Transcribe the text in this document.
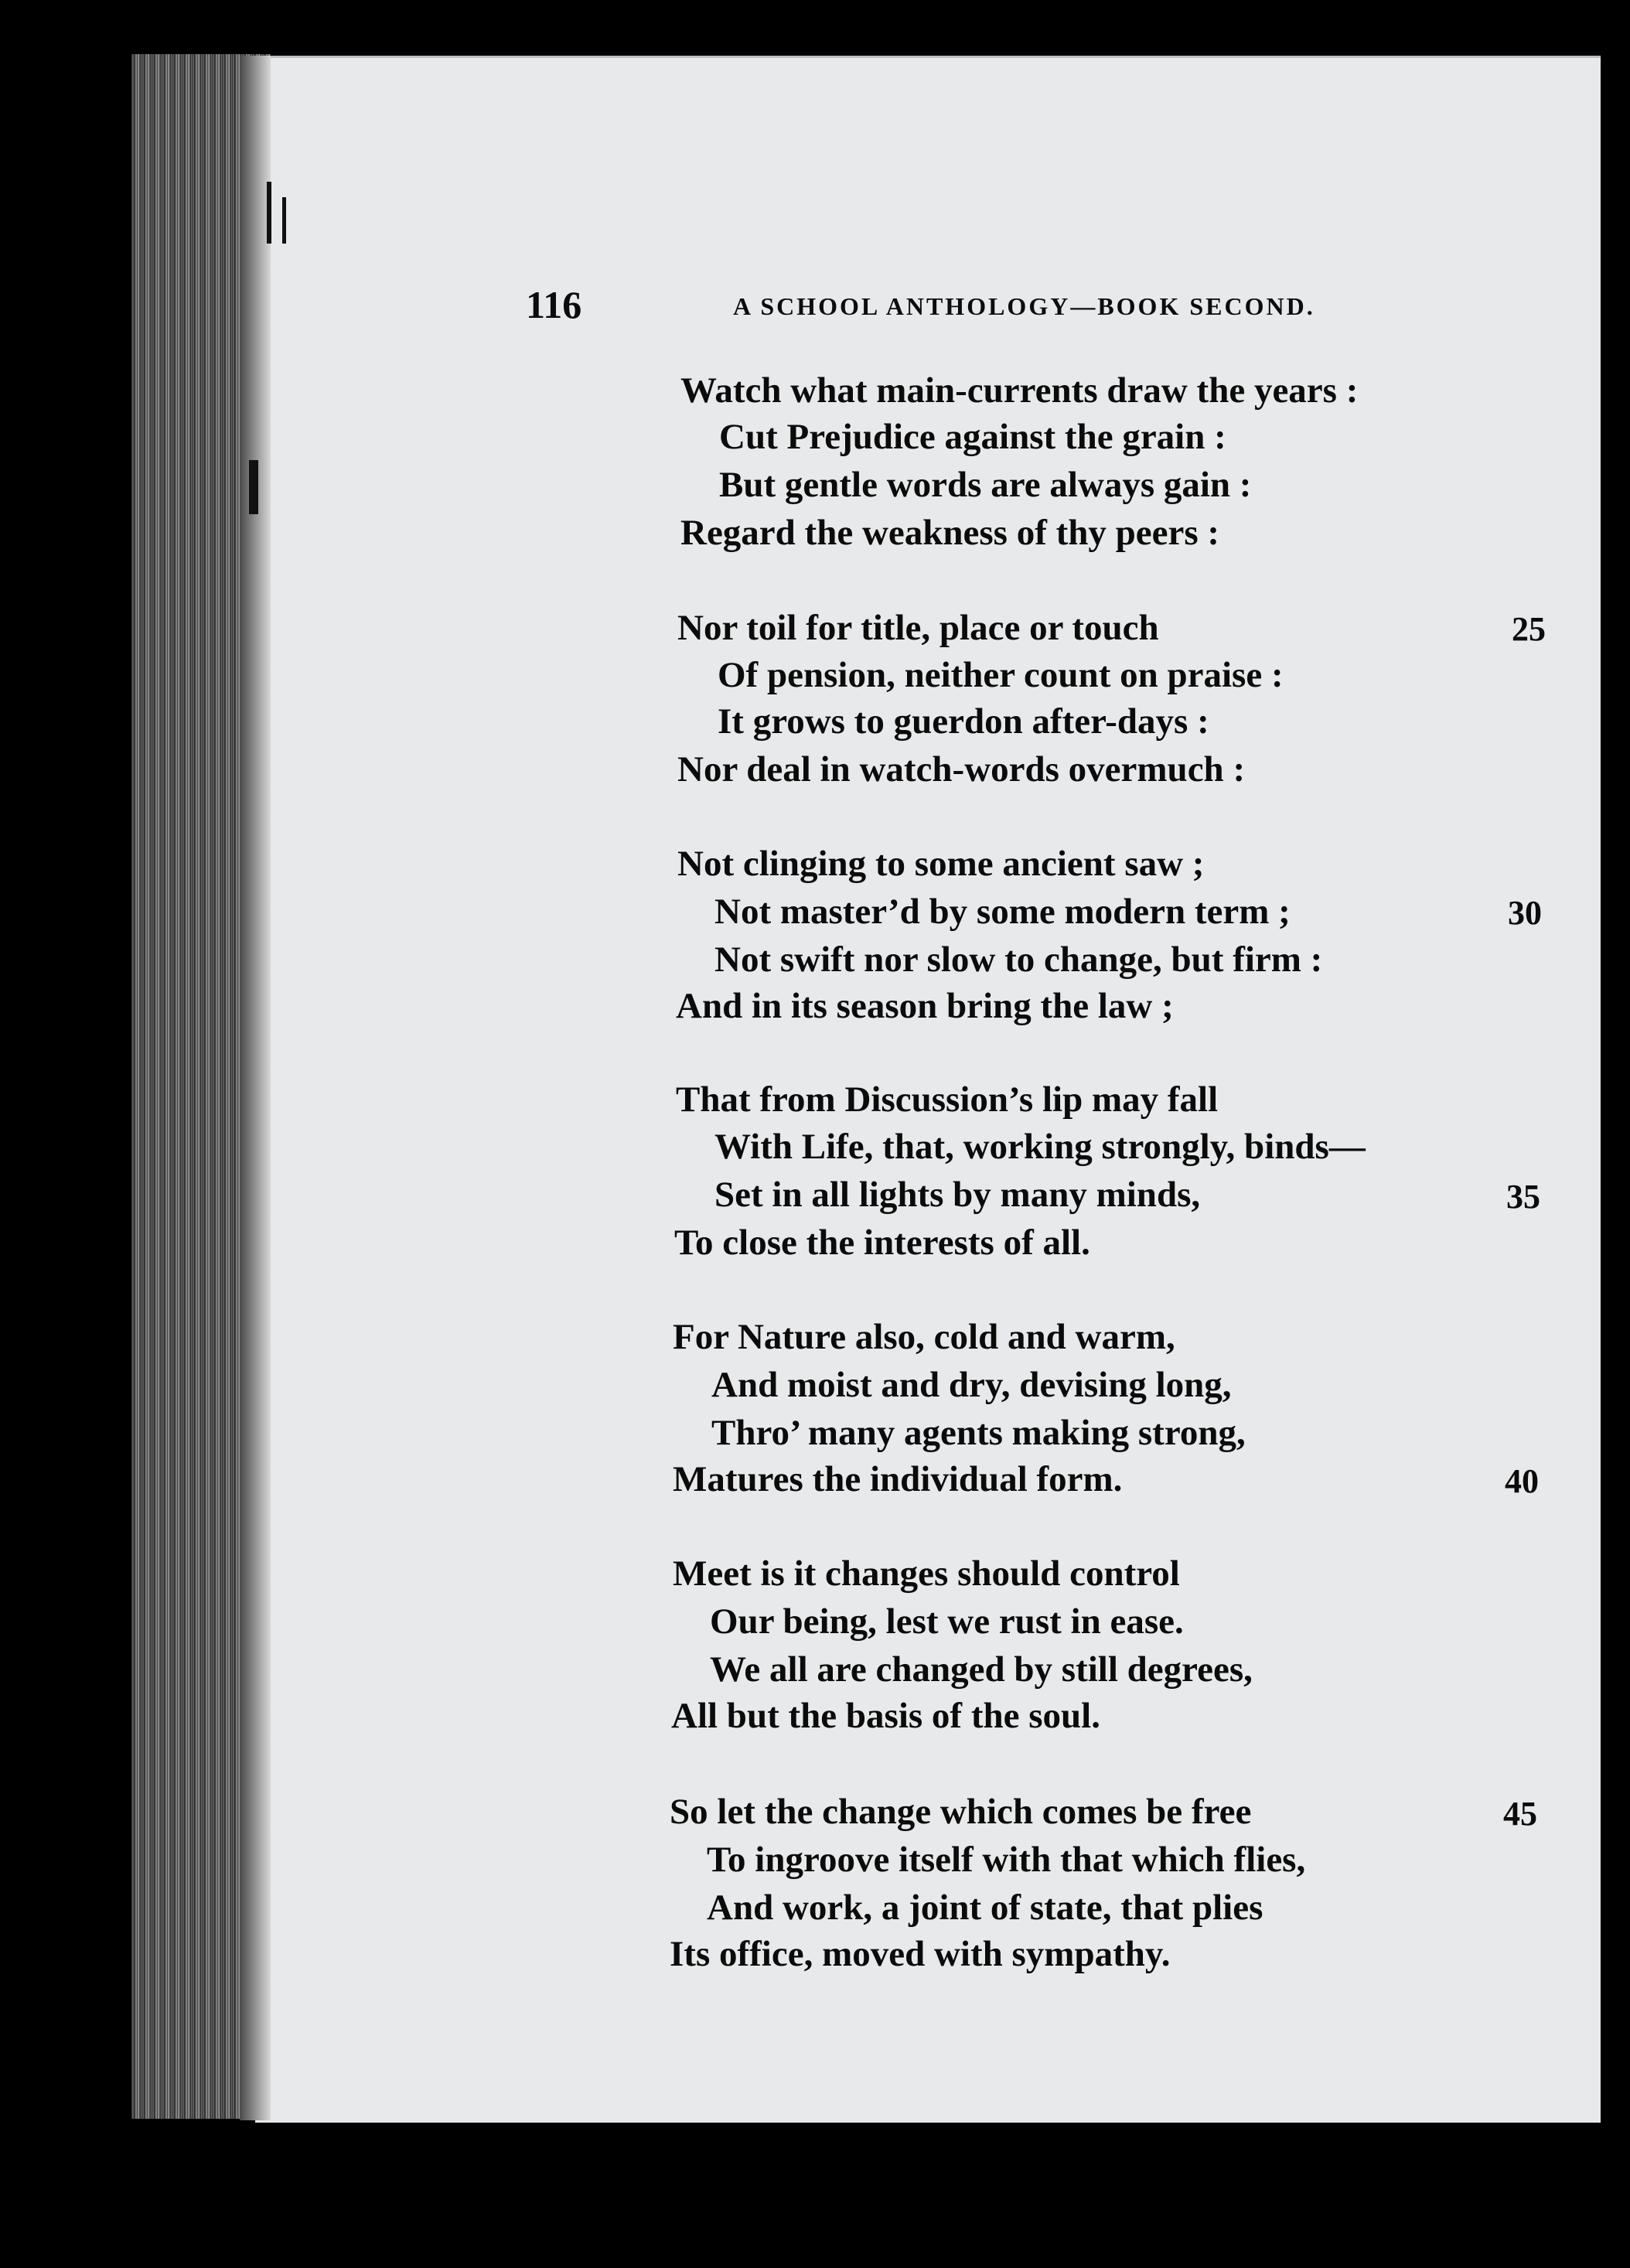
116	A SCHOOL ANTHOLOGY—BOOK SECOND.
Watch what main-currents draw the years :
Cut Prejudice against the grain :
But gentle words are always gain :
Regard the weakness of thy peers :
Nor toil for title, place or touch	25
Of pension, neither count on praise :
It grows to guerdon after-days :
Nor deal in watch-words overmuch :
Not clinging to some ancient saw ;
Not master’d by some modern term ;	30
Not swift nor slow to change, but firm :
And in its season bring the law ;
That from Discussion’s lip may fall
With Life, that, working strongly, binds—
Set in all lights by many minds,	35
To close the interests of all.
For Nature also, cold and warm,
And moist and dry, devising long,
Thro’ many agents making strong,
Matures the individual form.	40
Meet is it changes should control
Our being, lest we rust in ease.
We all are changed by still degrees,
All but the basis of the soul.
So let the change which comes be free	45
To ingroove itself with that which flies,
And work, a joint of state, that plies
Its office, moved with sympathy.
